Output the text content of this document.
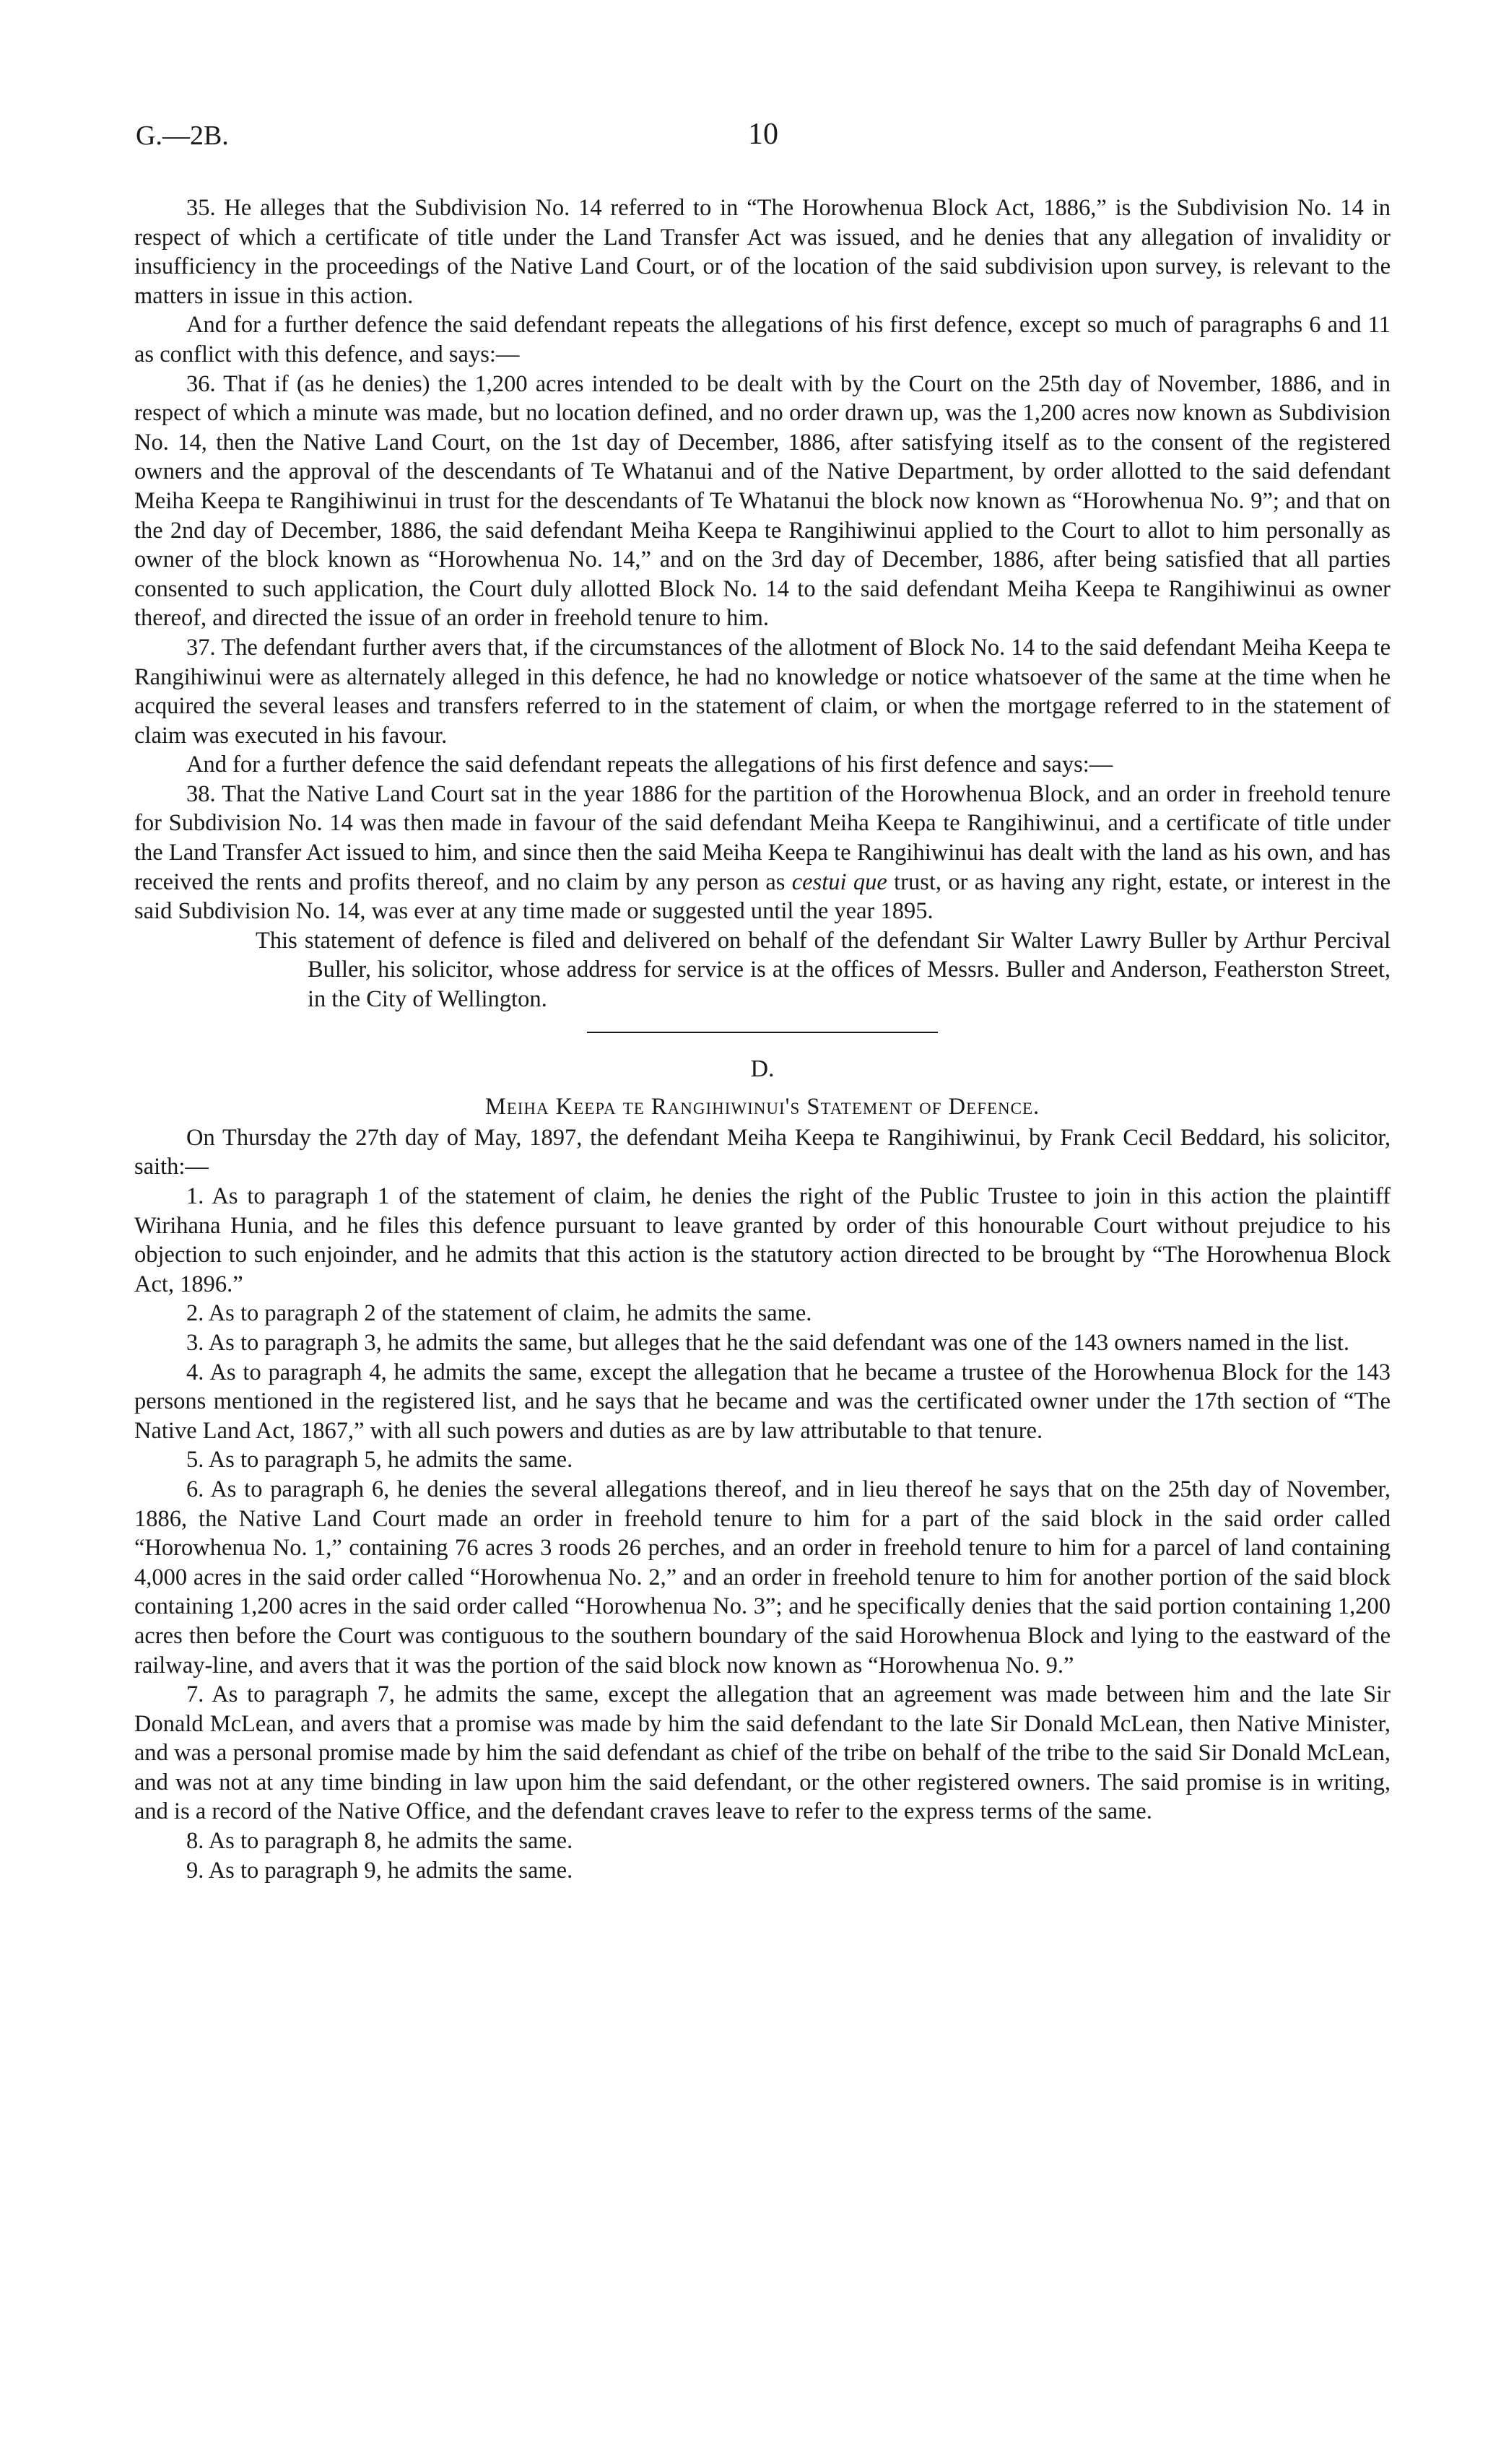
G.—2B.	10

35. He alleges that the Subdivision No. 14 referred to in “The Horowhenua Block Act, 1886,” is the Subdivision No. 14 in respect of which a certificate of title under the Land Transfer Act was issued, and he denies that any allegation of invalidity or insufficiency in the proceedings of the Native Land Court, or of the location of the said subdivision upon survey, is relevant to the matters in issue in this action.

And for a further defence the said defendant repeats the allegations of his first defence, except so much of paragraphs 6 and 11 as conflict with this defence, and says:—

36. That if (as he denies) the 1,200 acres intended to be dealt with by the Court on the 25th day of November, 1886, and in respect of which a minute was made, but no location defined, and no order drawn up, was the 1,200 acres now known as Subdivision No. 14, then the Native Land Court, on the 1st day of December, 1886, after satisfying itself as to the consent of the registered owners and the approval of the descendants of Te Whatanui and of the Native Department, by order allotted to the said defendant Meiha Keepa te Rangihiwinui in trust for the descendants of Te Whatanui the block now known as “Horowhenua No. 9”; and that on the 2nd day of December, 1886, the said defendant Meiha Keepa te Rangihiwinui applied to the Court to allot to him personally as owner of the block known as “Horowhenua No. 14,” and on the 3rd day of December, 1886, after being satisfied that all parties consented to such application, the Court duly allotted Block No. 14 to the said defendant Meiha Keepa te Rangihiwinui as owner thereof, and directed the issue of an order in freehold tenure to him.

37. The defendant further avers that, if the circumstances of the allotment of Block No. 14 to the said defendant Meiha Keepa te Rangihiwinui were as alternately alleged in this defence, he had no knowledge or notice whatsoever of the same at the time when he acquired the several leases and transfers referred to in the statement of claim, or when the mortgage referred to in the statement of claim was executed in his favour.

And for a further defence the said defendant repeats the allegations of his first defence and says:—

38. That the Native Land Court sat in the year 1886 for the partition of the Horowhenua Block, and an order in freehold tenure for Subdivision No. 14 was then made in favour of the said defendant Meiha Keepa te Rangihiwinui, and a certificate of title under the Land Transfer Act issued to him, and since then the said Meiha Keepa te Rangihiwinui has dealt with the land as his own, and has received the rents and profits thereof, and no claim by any person as cestui que trust, or as having any right, estate, or interest in the said Subdivision No. 14, was ever at any time made or suggested until the year 1895.

This statement of defence is filed and delivered on behalf of the defendant Sir Walter Lawry Buller by Arthur Percival Buller, his solicitor, whose address for service is at the offices of Messrs. Buller and Anderson, Featherston Street, in the City of Wellington.

D.
Meiha Keepa te Rangihiwinui's Statement of Defence.

On Thursday the 27th day of May, 1897, the defendant Meiha Keepa te Rangihiwinui, by Frank Cecil Beddard, his solicitor, saith:—

1. As to paragraph 1 of the statement of claim, he denies the right of the Public Trustee to join in this action the plaintiff Wirihana Hunia, and he files this defence pursuant to leave granted by order of this honourable Court without prejudice to his objection to such enjoinder, and he admits that this action is the statutory action directed to be brought by “The Horowhenua Block Act, 1896.”

2. As to paragraph 2 of the statement of claim, he admits the same.

3. As to paragraph 3, he admits the same, but alleges that he the said defendant was one of the 143 owners named in the list.

4. As to paragraph 4, he admits the same, except the allegation that he became a trustee of the Horowhenua Block for the 143 persons mentioned in the registered list, and he says that he became and was the certificated owner under the 17th section of “The Native Land Act, 1867,” with all such powers and duties as are by law attributable to that tenure.

5. As to paragraph 5, he admits the same.

6. As to paragraph 6, he denies the several allegations thereof, and in lieu thereof he says that on the 25th day of November, 1886, the Native Land Court made an order in freehold tenure to him for a part of the said block in the said order called “Horowhenua No. 1,” containing 76 acres 3 roods 26 perches, and an order in freehold tenure to him for a parcel of land containing 4,000 acres in the said order called “Horowhenua No. 2,” and an order in freehold tenure to him for another portion of the said block containing 1,200 acres in the said order called “Horowhenua No. 3”; and he specifically denies that the said portion containing 1,200 acres then before the Court was contiguous to the southern boundary of the said Horowhenua Block and lying to the eastward of the railway-line, and avers that it was the portion of the said block now known as “Horowhenua No. 9.”

7. As to paragraph 7, he admits the same, except the allegation that an agreement was made between him and the late Sir Donald McLean, and avers that a promise was made by him the said defendant to the late Sir Donald McLean, then Native Minister, and was a personal promise made by him the said defendant as chief of the tribe on behalf of the tribe to the said Sir Donald McLean, and was not at any time binding in law upon him the said defendant, or the other registered owners. The said promise is in writing, and is a record of the Native Office, and the defendant craves leave to refer to the express terms of the same.

8. As to paragraph 8, he admits the same.

9. As to paragraph 9, he admits the same.
